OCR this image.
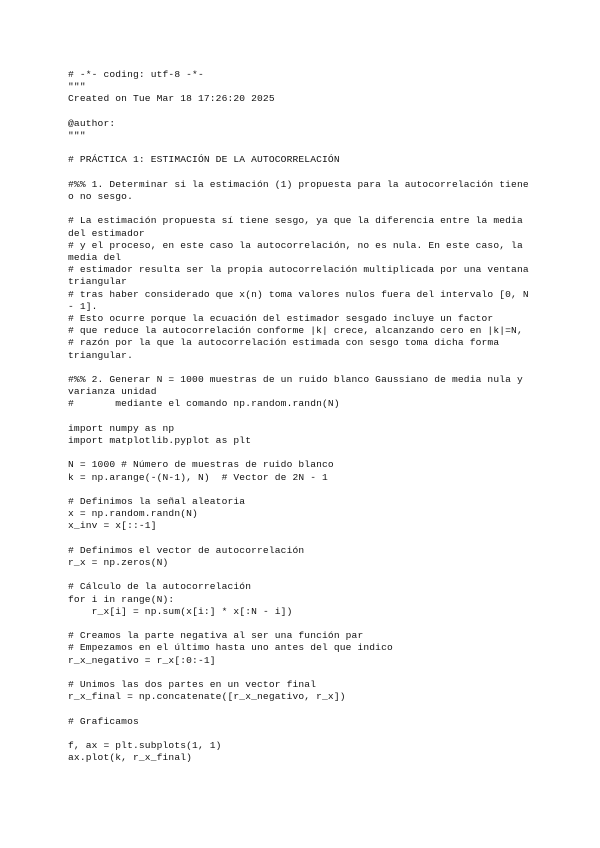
# -*- coding: utf-8 -*-
"""
Created on Tue Mar 18 17:26:20 2025
@author:
"""
# PRÁCTICA 1: ESTIMACIÓN DE LA AUTOCORRELACIÓN
#%% 1. Determinar si la estimación (1) propuesta para la autocorrelación tiene o no sesgo.
# La estimación propuesta sí tiene sesgo, ya que la diferencia entre la media del estimador
# y el proceso, en este caso la autocorrelación, no es nula. En este caso, la media del
# estimador resulta ser la propia autocorrelación multiplicada por una ventana triangular
# tras haber considerado que x(n) toma valores nulos fuera del intervalo [0, N - 1].
# Esto ocurre porque la ecuación del estimador sesgado incluye un factor
# que reduce la autocorrelación conforme |k| crece, alcanzando cero en |k|=N,
# razón por la que la autocorrelación estimada con sesgo toma dicha forma triangular.
#%% 2. Generar N = 1000 muestras de un ruido blanco Gaussiano de media nula y varianza unidad
#       mediante el comando np.random.randn(N)
import numpy as np
import matplotlib.pyplot as plt
N = 1000 # Número de muestras de ruido blanco
k = np.arange(-(N-1), N)  # Vector de 2N - 1
# Definimos la señal aleatoria
x = np.random.randn(N)
x_inv = x[::-1]
# Definimos el vector de autocorrelación
r_x = np.zeros(N)
# Cálculo de la autocorrelación
for i in range(N):
r_x[i] = np.sum(x[i:] * x[:N - i])
# Creamos la parte negativa al ser una función par
# Empezamos en el último hasta uno antes del que indico
r_x_negativo = r_x[:0:-1]
# Unimos las dos partes en un vector final
r_x_final = np.concatenate([r_x_negativo, r_x])
# Graficamos
f, ax = plt.subplots(1, 1)
ax.plot(k, r_x_final)
